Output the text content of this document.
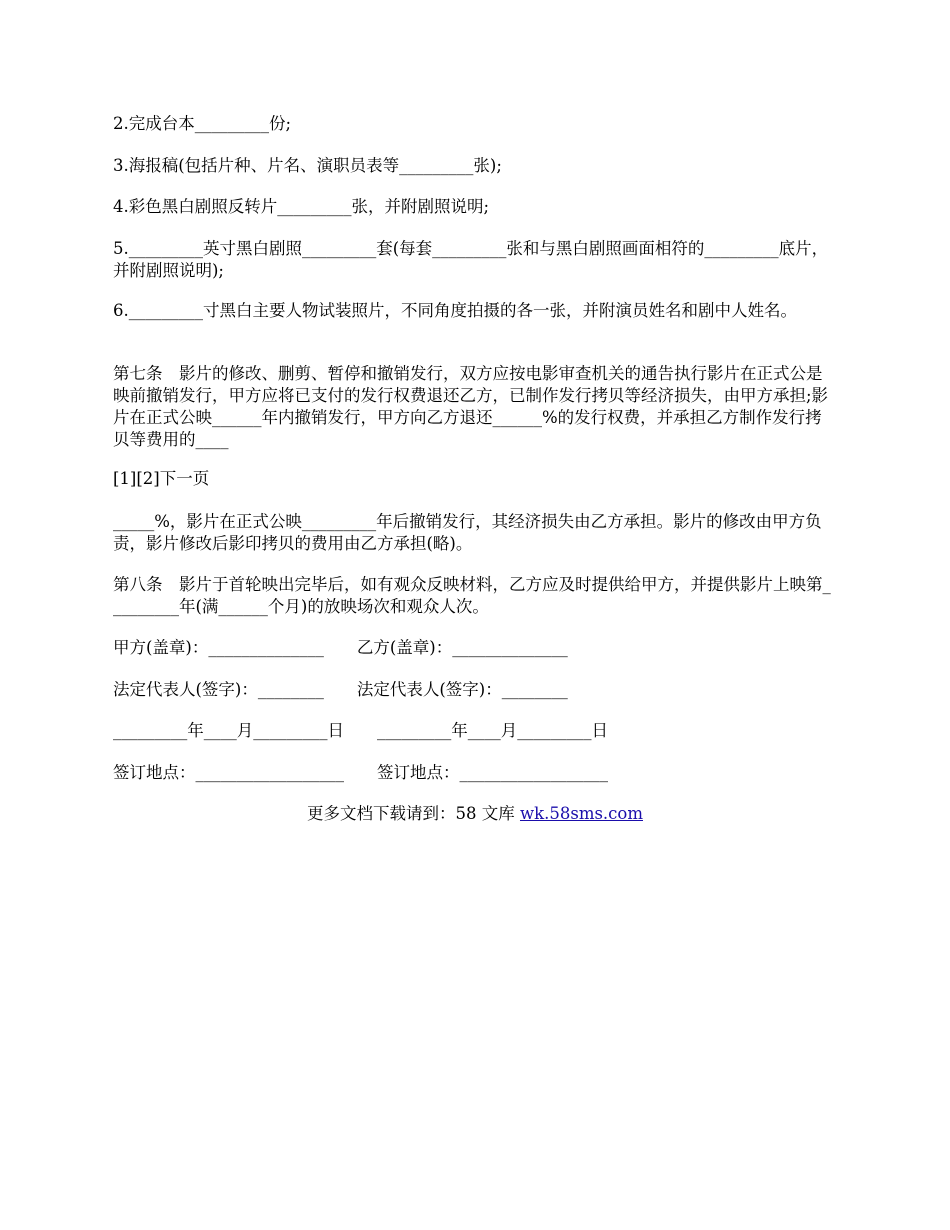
2.完成台本_________份;

3.海报稿(包括片种、片名、演职员表等_________张);

4.彩色黑白剧照反转片_________张，并附剧照说明;

5._________英寸黑白剧照_________套(每套_________张和与黑白剧照画面相符的_________底片，并附剧照说明);

6._________寸黑白主要人物试装照片，不同角度拍摄的各一张，并附演员姓名和剧中人姓名。

第七条　影片的修改、删剪、暂停和撤销发行，双方应按电影审查机关的通告执行影片在正式公是映前撤销发行，甲方应将已支付的发行权费退还乙方，已制作发行拷贝等经济损失，由甲方承担;影片在正式公映______年内撤销发行，甲方向乙方退还______%的发行权费，并承担乙方制作发行拷贝等费用的____

[1][2]下一页

_____%，影片在正式公映_________年后撤销发行，其经济损失由乙方承担。影片的修改由甲方负责，影片修改后影印拷贝的费用由乙方承担(略)。

第八条　影片于首轮映出完毕后，如有观众反映材料，乙方应及时提供给甲方，并提供影片上映第_________年(满______个月)的放映场次和观众人次。

甲方(盖章)：______________　　乙方(盖章)：______________

法定代表人(签字)：________　　法定代表人(签字)：________

_________年____月_________日　　_________年____月_________日

签订地点：__________________　　签订地点：__________________

更多文档下载请到：58 文库 wk.58sms.com
